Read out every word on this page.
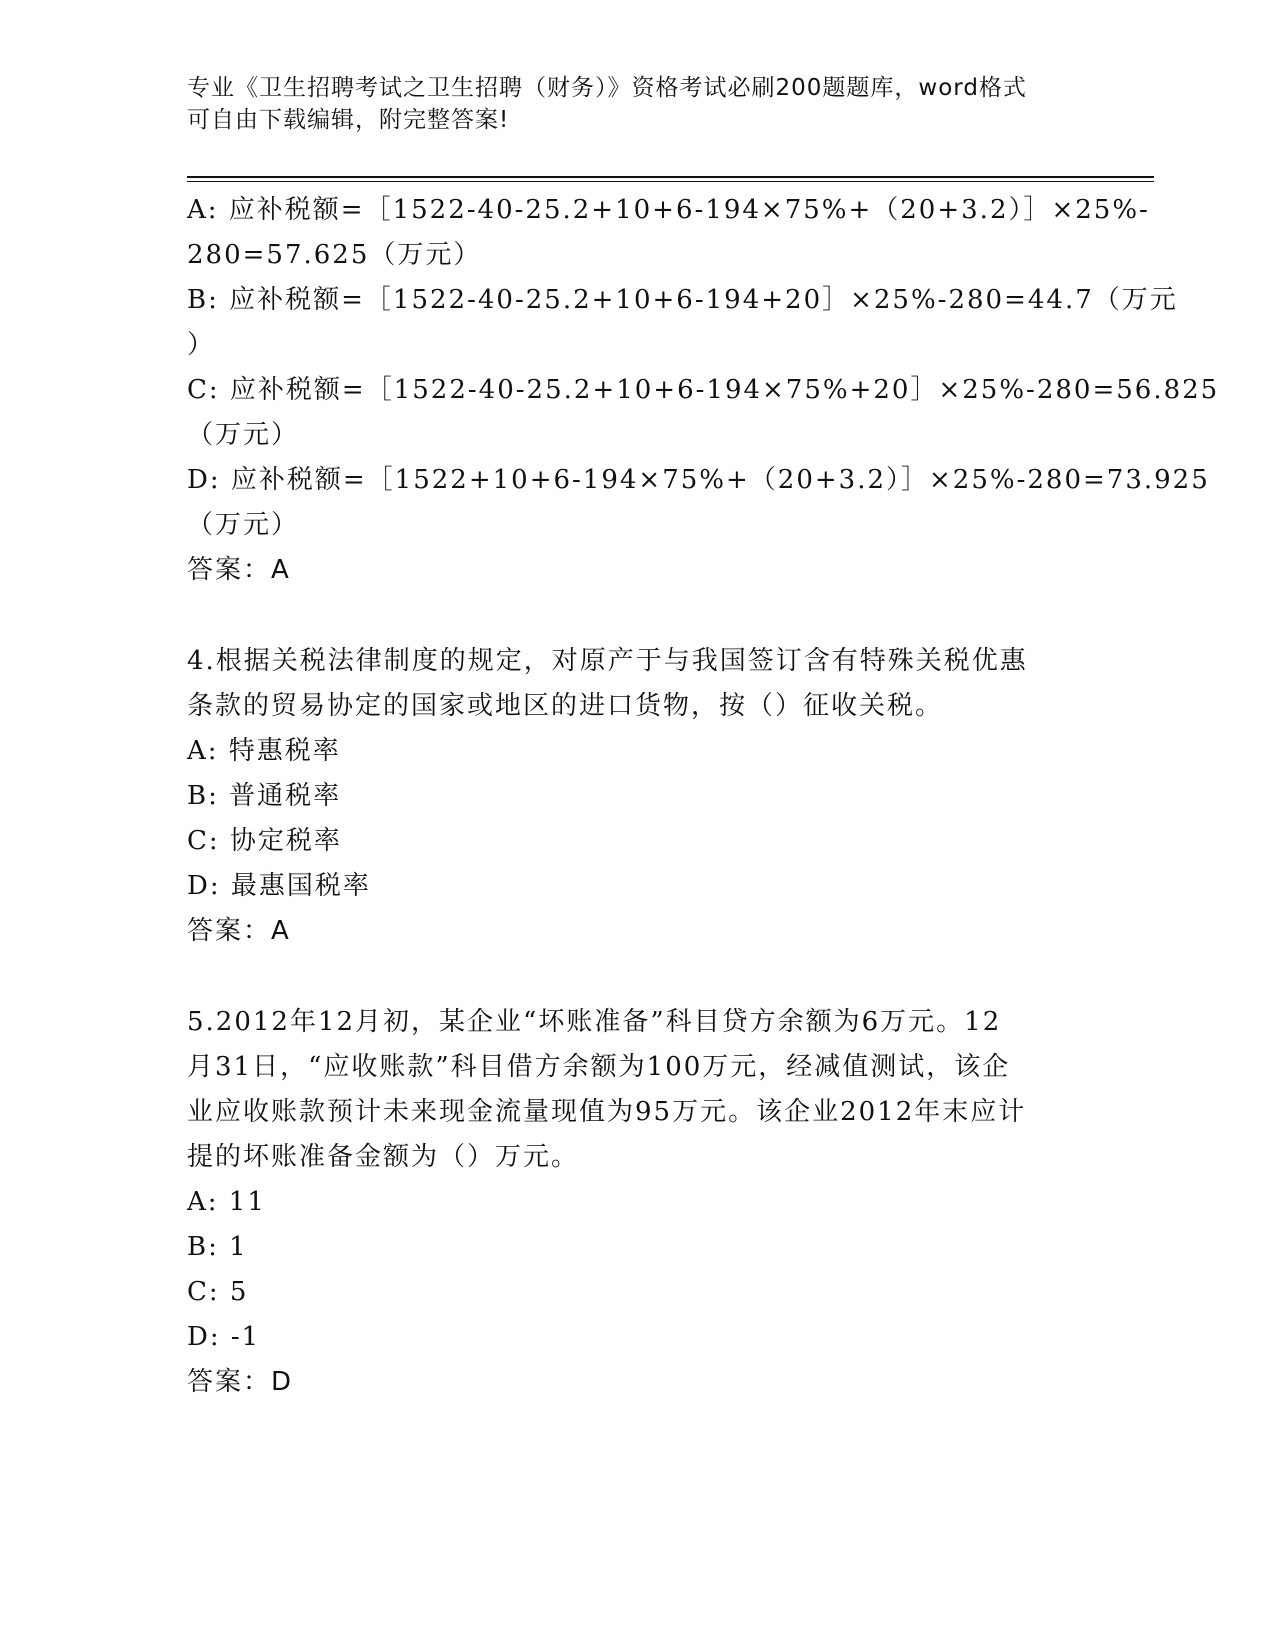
专业《卫生招聘考试之卫生招聘（财务）》资格考试必刷200题题库，word格式
可自由下载编辑，附完整答案!
A: 应补税额=［1522-40-25.2+10+6-194×75%+（20+3.2）］×25%-
280=57.625（万元）
B: 应补税额=［1522-40-25.2+10+6-194+20］×25%-280=44.7（万元
）
C: 应补税额=［1522-40-25.2+10+6-194×75%+20］×25%-280=56.825
（万元）
D: 应补税额=［1522+10+6-194×75%+（20+3.2）］×25%-280=73.925
（万元）
答案：A
4.根据关税法律制度的规定，对原产于与我国签订含有特殊关税优惠
条款的贸易协定的国家或地区的进口货物，按（）征收关税。
A: 特惠税率
B: 普通税率
C: 协定税率
D: 最惠国税率
答案：A
5.2012年12月初，某企业“坏账准备”科目贷方余额为6万元。12
月31日，“应收账款”科目借方余额为100万元，经减值测试，该企
业应收账款预计未来现金流量现值为95万元。该企业2012年末应计
提的坏账准备金额为（）万元。
A: 11
B: 1
C: 5
D: -1
答案：D
